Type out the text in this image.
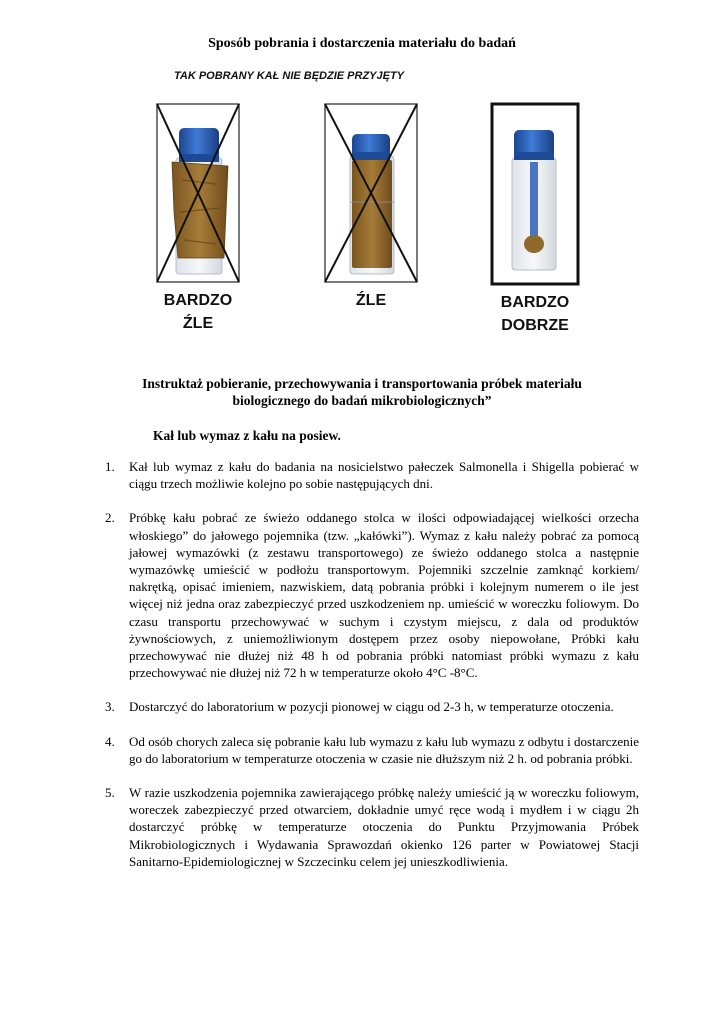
Sposób pobrania i dostarczenia materiału do badań
TAK POBRANY KAŁ NIE BĘDZIE PRZYJĘTY
BARDZO
ŹLE
ŹLE	BARDZO
DOBRZE
Instruktaż pobieranie, przechowywania i transportowania próbek materiału
biologicznego do badań mikrobiologicznych”
Kał lub wymaz z kału na posiew.
1. Kał lub wymaz z kału do badania na nosicielstwo pałeczek Salmonella i Shigella pobierać w ciągu trzech możliwie kolejno po sobie następujących dni.
2. Próbkę kału pobrać ze świeżo oddanego stolca w ilości odpowiadającej wielkości orzecha włoskiego” do jałowego pojemnika (tzw. „kałówki”). Wymaz z kału należy pobrać za pomocą jałowej wymazówki (z zestawu transportowego) ze świeżo oddanego stolca a następnie wymazówkę umieścić w podłożu transportowym. Pojemniki szczelnie zamknąć korkiem/ nakrętką, opisać imieniem, nazwiskiem, datą pobrania próbki i kolejnym numerem o ile jest więcej niż jedna oraz zabezpieczyć przed uszkodzeniem np. umieścić w woreczku foliowym. Do czasu transportu przechowywać w suchym i czystym miejscu, z dala od produktów żywnościowych, z uniemożliwionym dostępem przez osoby niepowołane, Próbki kału przechowywać nie dłużej niż 48 h od pobrania próbki natomiast próbki wymazu z kału przechowywać nie dłużej niż 72 h w temperaturze około 4°C -8°C.
3. Dostarczyć do laboratorium w pozycji pionowej w ciągu od 2-3 h, w temperaturze otoczenia.
4. Od osób chorych zaleca się pobranie kału lub wymazu z kału lub wymazu z odbytu i dostarczenie go do laboratorium w temperaturze otoczenia w czasie nie dłuższym niż 2 h. od pobrania próbki.
5. W razie uszkodzenia pojemnika zawierającego próbkę należy umieścić ją w woreczku foliowym, woreczek zabezpieczyć przed otwarciem, dokładnie umyć ręce wodą i mydłem i w ciągu 2h dostarczyć próbkę w temperaturze otoczenia do Punktu Przyjmowania Próbek Mikrobiologicznych i Wydawania Sprawozdań okienko 126 parter w Powiatowej Stacji Sanitarno-Epidemiologicznej w Szczecinku celem jej unieszkodliwienia.
